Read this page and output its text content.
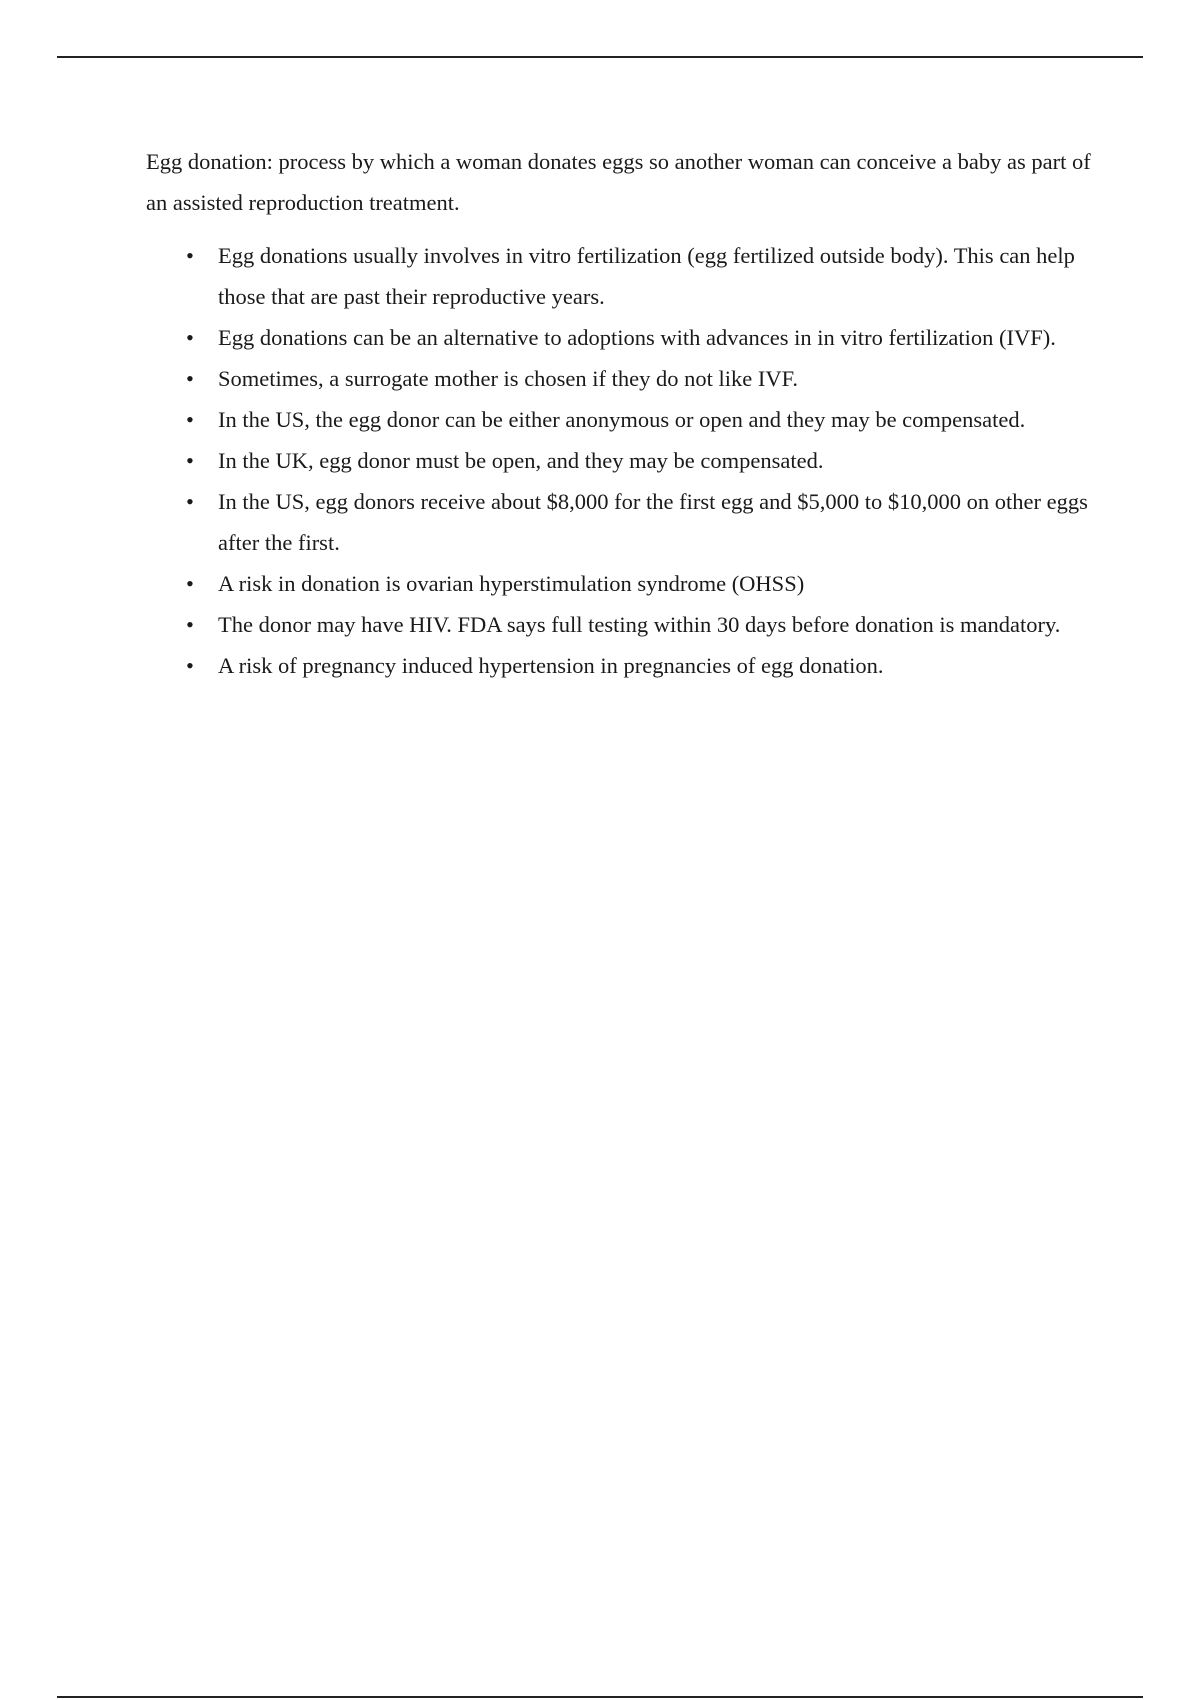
Egg donation: process by which a woman donates eggs so another woman can conceive a baby as part of an assisted reproduction treatment.

• Egg donations usually involves in vitro fertilization (egg fertilized outside body). This can help those that are past their reproductive years.
• Egg donations can be an alternative to adoptions with advances in in vitro fertilization (IVF).
• Sometimes, a surrogate mother is chosen if they do not like IVF.
• In the US, the egg donor can be either anonymous or open and they may be compensated.
• In the UK, egg donor must be open, and they may be compensated.
• In the US, egg donors receive about $8,000 for the first egg and $5,000 to $10,000 on other eggs after the first.
• A risk in donation is ovarian hyperstimulation syndrome (OHSS)
• The donor may have HIV. FDA says full testing within 30 days before donation is mandatory.
• A risk of pregnancy induced hypertension in pregnancies of egg donation.
